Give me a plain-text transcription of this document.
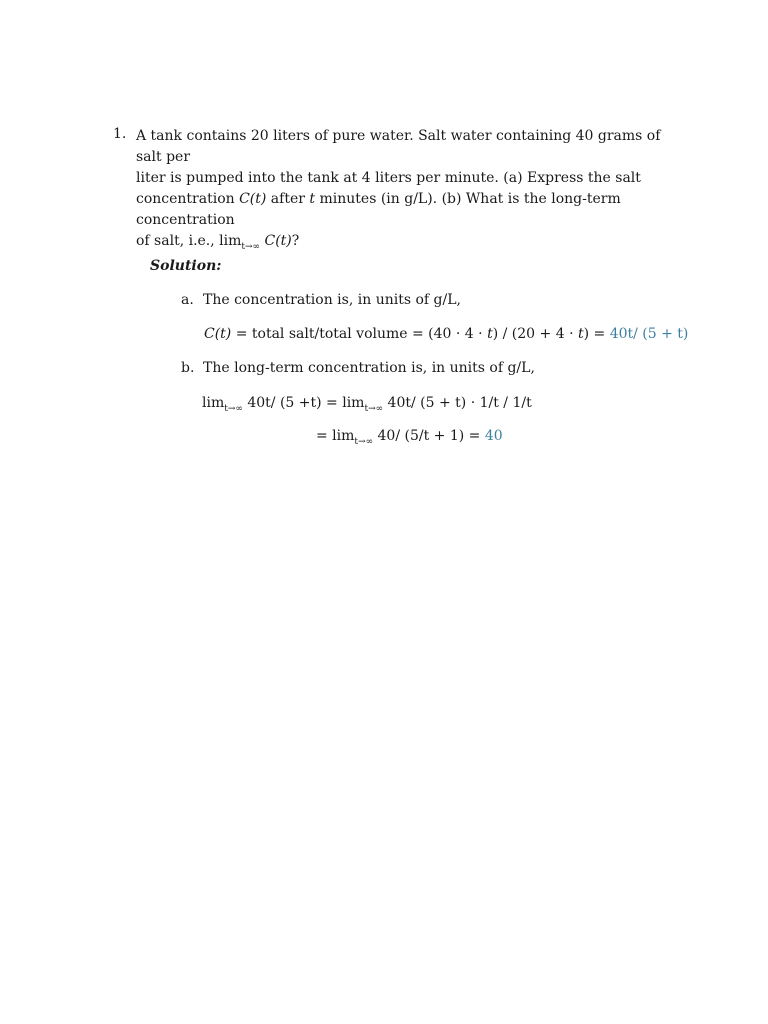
1. A tank contains 20 liters of pure water. Salt water containing 40 grams of salt per
liter is pumped into the tank at 4 liters per minute. (a) Express the salt
concentration C(t) after t minutes (in g/L). (b) What is the long-term concentration
of salt, i.e., $\lim_{t\to\infty} C(t)$?
Solution:
a. The concentration is, in units of g/L,
C(t) = total salt/total volume = (40 · 4 · t) / (20 + 4 · t) = 40t/ (5 + t)
b. The long-term concentration is, in units of g/L,
$\lim_{t\to\infty} 40t/$ $(5 +t) = \lim_{t\to\infty} 40t/$ (5 + t) · 1/t / 1/t
= $\lim_{t\to\infty} 40/$ (5/t + 1) = 40
